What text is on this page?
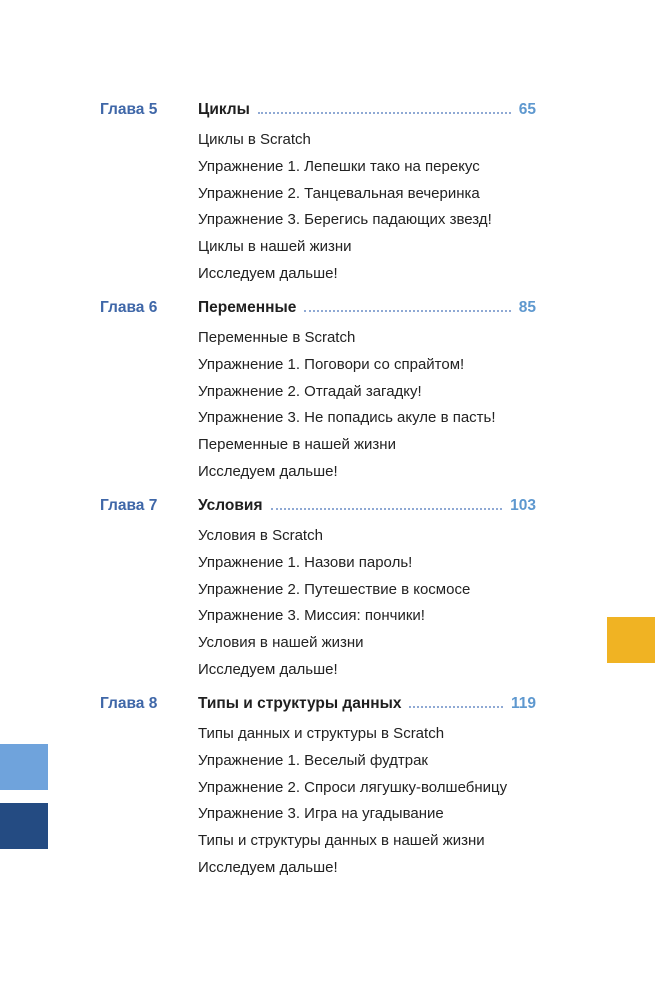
Глава 5	Циклы	65
Циклы в Scratch
Упражнение 1. Лепешки тако на перекус
Упражнение 2. Танцевальная вечеринка
Упражнение 3. Берегись падающих звезд!
Циклы в нашей жизни
Исследуем дальше!
Глава 6	Переменные	85
Переменные в Scratch
Упражнение 1. Поговори со спрайтом!
Упражнение 2. Отгадай загадку!
Упражнение 3. Не попадись акуле в пасть!
Переменные в нашей жизни
Исследуем дальше!
Глава 7	Условия	103
Условия в Scratch
Упражнение 1. Назови пароль!
Упражнение 2. Путешествие в космосе
Упражнение 3. Миссия: пончики!
Условия в нашей жизни
Исследуем дальше!
Глава 8	Типы и структуры данных	119
Типы данных и структуры в Scratch
Упражнение 1. Веселый фудтрак
Упражнение 2. Спроси лягушку-волшебницу
Упражнение 3. Игра на угадывание
Типы и структуры данных в нашей жизни
Исследуем дальше!
